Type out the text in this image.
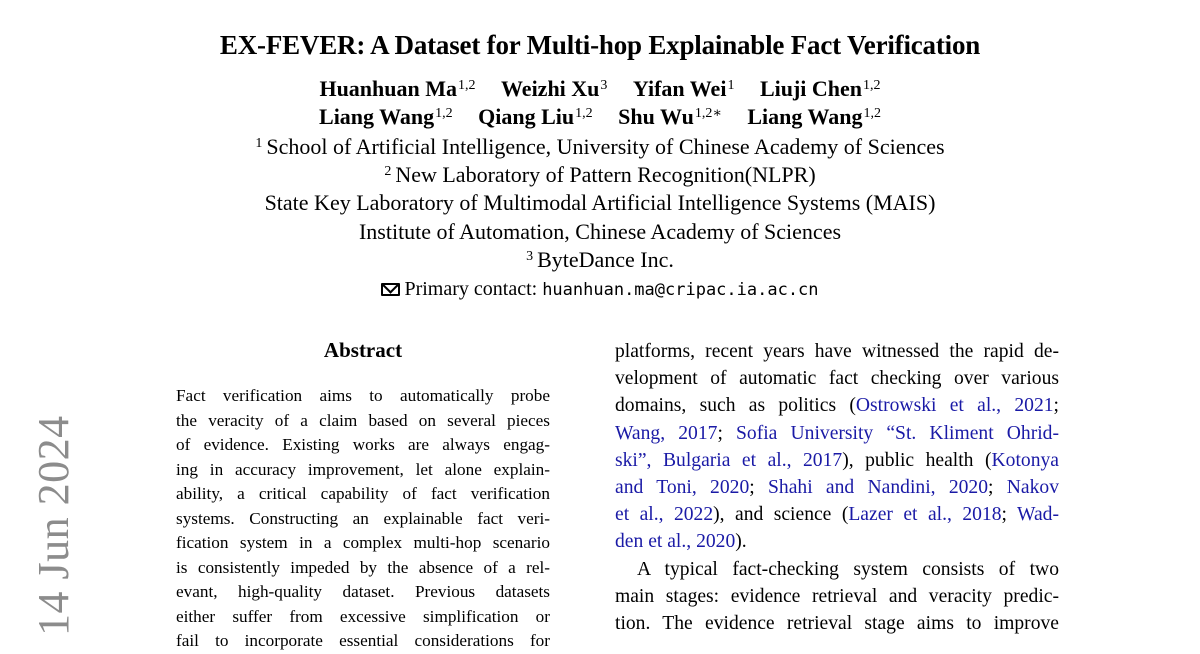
EX-FEVER: A Dataset for Multi-hop Explainable Fact Verification
Huanhuan Ma$^{1,2}$ Weizhi Xu$^3$ Yifan Wei$^1$ Liuji Chen$^{1,2}$
Liang Wang$^{1,2}$ Qiang Liu$^{1,2}$ Shu $Wu^{1,2∗}$ Liang Wang$^{1,2}$
$^1$ School of Artificial Intelligence, University of Chinese Academy of Sciences
$^2$ New Laboratory of Pattern Recognition(NLPR)
State Key Laboratory of Multimodal Artificial Intelligence Systems (MAIS)
Institute of Automation, Chinese Academy of Sciences
$^3$ ByteDance Inc.
Primary contact: huanhuan.ma@cripac.ia.ac.cn
Abstract

Fact verification aims to automatically probe
the veracity of a claim based on several pieces
of evidence. Existing works are always engag-
ing in accuracy improvement, let alone explain-
ability, a critical capability of fact verification
systems. Constructing an explainable fact veri-
fication system in a complex multi-hop scenario
is consistently impeded by the absence of a rel-
evant, high-quality dataset. Previous datasets
either suffer from excessive simplification or
fail to incorporate essential considerations for

platforms, recent years have witnessed the rapid de-
velopment of automatic fact checking over various
domains, such as politics (Ostrowski et al., 2021;
Wang, 2017; Sofia University “St. Kliment Ohrid-
ski”, Bulgaria et al., 2017), public health (Kotonya
and Toni, 2020; Shahi and Nandini, 2020; Nakov
et al., 2022), and science (Lazer et al., 2018; Wad-
den et al., 2020).
A typical fact-checking system consists of two
main stages: evidence retrieval and veracity predic-
tion. The evidence retrieval stage aims to improve
14 Jun 2024
